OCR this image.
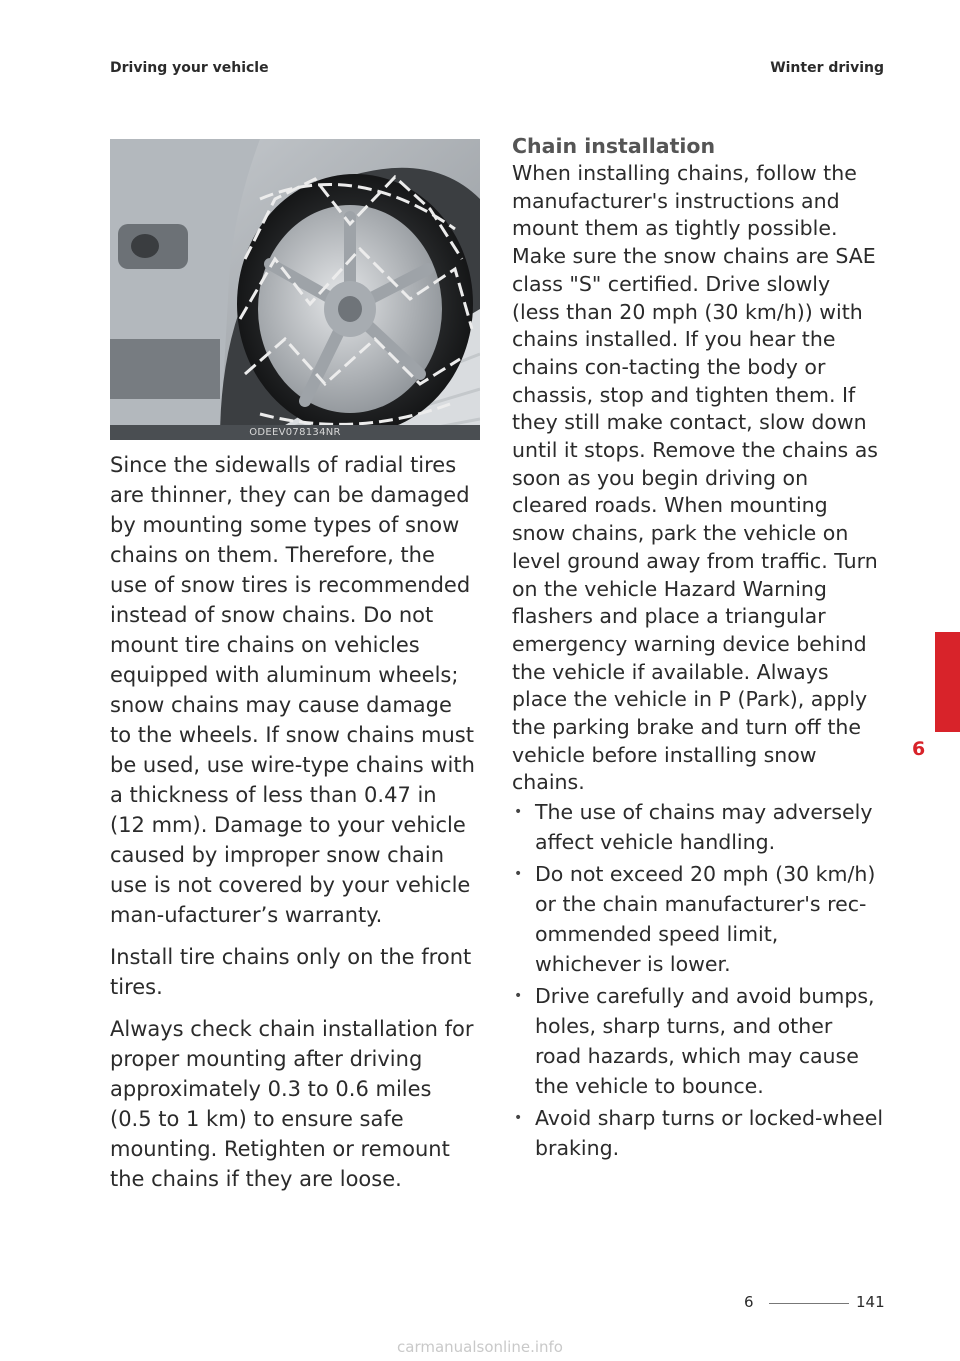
Driving your vehicle	Winter driving
ODEEV078134NR

Since the sidewalls of radial tires are thinner, they can be damaged by mounting some types of snow chains on them. Therefore, the use of snow tires is recommended instead of snow chains. Do not mount tire chains on vehicles equipped with aluminum wheels; snow chains may cause damage to the wheels. If snow chains must be used, use wire-type chains with a thickness of less than 0.47 in (12 mm). Damage to your vehicle caused by improper snow chain use is not covered by your vehicle man-ufacturer’s warranty.

Install tire chains only on the front tires.

Always check chain installation for proper mounting after driving approximately 0.3 to 0.6 miles (0.5 to 1 km) to ensure safe mounting. Retighten or remount the chains if they are loose.

Chain installation

When installing chains, follow the manufacturer's instructions and mount them as tightly possible. Make sure the snow chains are SAE class "S" certified. Drive slowly (less than 20 mph (30 km/h)) with chains installed. If you hear the chains con-tacting the body or chassis, stop and tighten them. If they still make contact, slow down until it stops. Remove the chains as soon as you begin driving on cleared roads. When mounting snow chains, park the vehicle on level ground away from traffic. Turn on the vehicle Hazard Warning flashers and place a triangular emergency warning device behind the vehicle if available. Always place the vehicle in P (Park), apply the parking brake and turn off the vehicle before installing snow chains.

• The use of chains may adversely affect vehicle handling.
• Do not exceed 20 mph (30 km/h) or the chain manufacturer's rec-ommended speed limit, whichever is lower.
• Drive carefully and avoid bumps, holes, sharp turns, and other road hazards, which may cause the vehicle to bounce.
• Avoid sharp turns or locked-wheel braking.
6
6	141
carmanualsonline.info
